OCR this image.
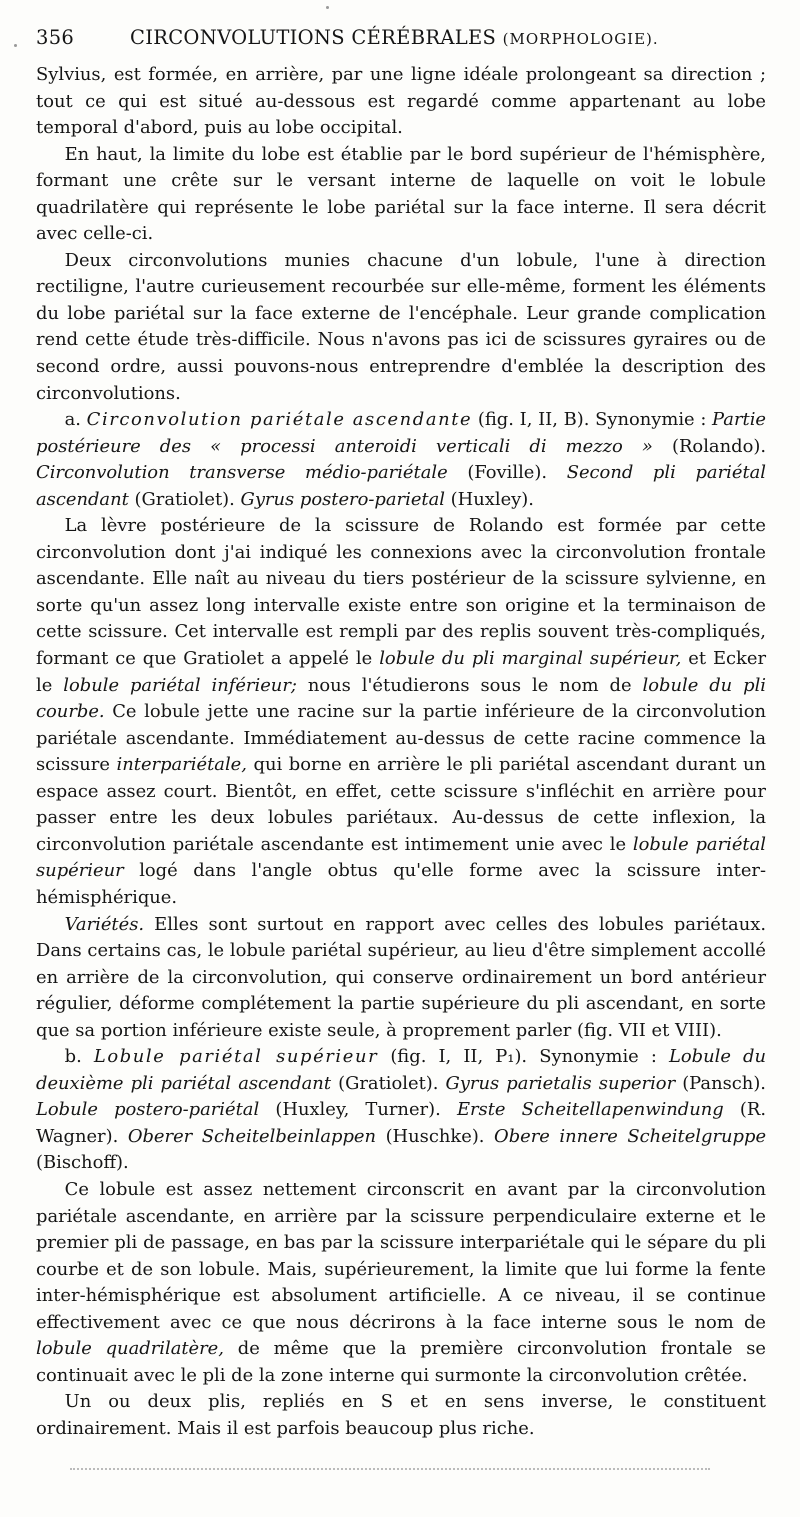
356	CIRCONVOLUTIONS CÉRÉBRALES
(MORPHOLOGIE).

Sylvius, est formée, en arrière, par une ligne idéale prolongeant sa direction ; tout ce qui est situé au-dessous est regardé comme appartenant au lobe temporal d'abord, puis au lobe occipital.

En haut, la limite du lobe est établie par le bord supérieur de l'hémisphère, formant une crête sur le versant interne de laquelle on voit le lobule quadrilatère qui représente le lobe pariétal sur la face interne. Il sera décrit avec celle-ci.

Deux circonvolutions munies chacune d'un lobule, l'une à direction rectiligne, l'autre curieusement recourbée sur elle-même, forment les éléments du lobe pariétal sur la face externe de l'encéphale. Leur grande complication rend cette étude très-difficile. Nous n'avons pas ici de scissures gyraires ou de second ordre, aussi pouvons-nous entreprendre d'emblée la description des circonvolutions.

a. Circonvolution pariétale ascendante (fig. I, II, B). Synonymie : Partie postérieure des « processi anteroidi verticali di mezzo » (Rolando). Circonvolution transverse médio-pariétale (Foville). Second pli pariétal ascendant (Gratiolet). Gyrus postero-parietal (Huxley).

La lèvre postérieure de la scissure de Rolando est formée par cette circonvolution dont j'ai indiqué les connexions avec la circonvolution frontale ascendante. Elle naît au niveau du tiers postérieur de la scissure sylvienne, en sorte qu'un assez long intervalle existe entre son origine et la terminaison de cette scissure. Cet intervalle est rempli par des replis souvent très-compliqués, formant ce que Gratiolet a appelé le lobule du pli marginal supérieur, et Ecker le lobule pariétal inférieur; nous l'étudierons sous le nom de lobule du pli courbe. Ce lobule jette une racine sur la partie inférieure de la circonvolution pariétale ascendante. Immédiatement au-dessus de cette racine commence la scissure interpariétale, qui borne en arrière le pli pariétal ascendant durant un espace assez court. Bientôt, en effet, cette scissure s'infléchit en arrière pour passer entre les deux lobules pariétaux. Au-dessus de cette inflexion, la circonvolution pariétale ascendante est intimement unie avec le lobule pariétal supérieur logé dans l'angle obtus qu'elle forme avec la scissure inter-hémisphérique.

Variétés. Elles sont surtout en rapport avec celles des lobules pariétaux. Dans certains cas, le lobule pariétal supérieur, au lieu d'être simplement accollé en arrière de la circonvolution, qui conserve ordinairement un bord antérieur régulier, déforme complétement la partie supérieure du pli ascendant, en sorte que sa portion inférieure existe seule, à proprement parler (fig. VII et VIII).

b. Lobule pariétal supérieur (fig. I, II, P₁). Synonymie : Lobule du deuxième pli pariétal ascendant (Gratiolet). Gyrus parietalis superior (Pansch). Lobule postero-pariétal (Huxley, Turner). Erste Scheitellapenwindung (R. Wagner). Oberer Scheitelbeinlappen (Huschke). Obere innere Scheitelgruppe (Bischoff).

Ce lobule est assez nettement circonscrit en avant par la circonvolution pariétale ascendante, en arrière par la scissure perpendiculaire externe et le premier pli de passage, en bas par la scissure interpariétale qui le sépare du pli courbe et de son lobule. Mais, supérieurement, la limite que lui forme la fente inter-hémisphérique est absolument artificielle. A ce niveau, il se continue effectivement avec ce que nous décrirons à la face interne sous le nom de lobule quadrilatère, de même que la première circonvolution frontale se continuait avec le pli de la zone interne qui surmonte la circonvolution crêtée.

Un ou deux plis, repliés en S et en sens inverse, le constituent ordinairement. Mais il est parfois beaucoup plus riche.
